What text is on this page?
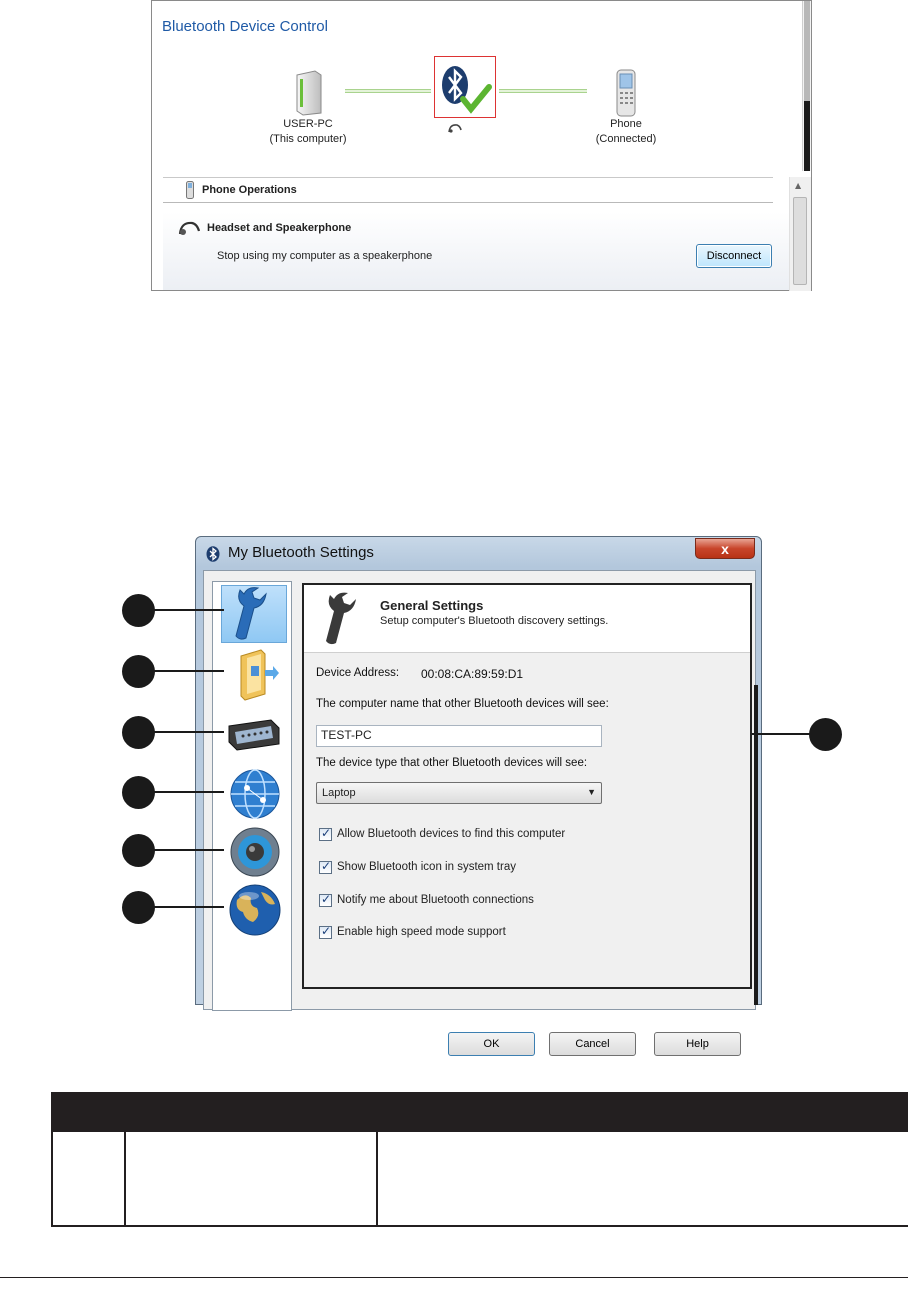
Bluetooth Device Control
USER-PC
(This computer)
Phone
(Connected)
Phone Operations
Headset and Speakerphone
Stop using my computer as a speakerphone	Disconnect
▲
My Bluetooth Settings	x
General Settings
Setup computer's Bluetooth discovery settings.
Device Address: 00:08:CA:89:59:D1
The computer name that other Bluetooth devices will see:
TEST-PC
The device type that other Bluetooth devices will see:
Laptop	▼
✓
Allow Bluetooth devices to find this computer
✓
Show Bluetooth icon in system tray
✓
Notify me about Bluetooth connections
✓
Enable high speed mode support
OK	Cancel	Help
